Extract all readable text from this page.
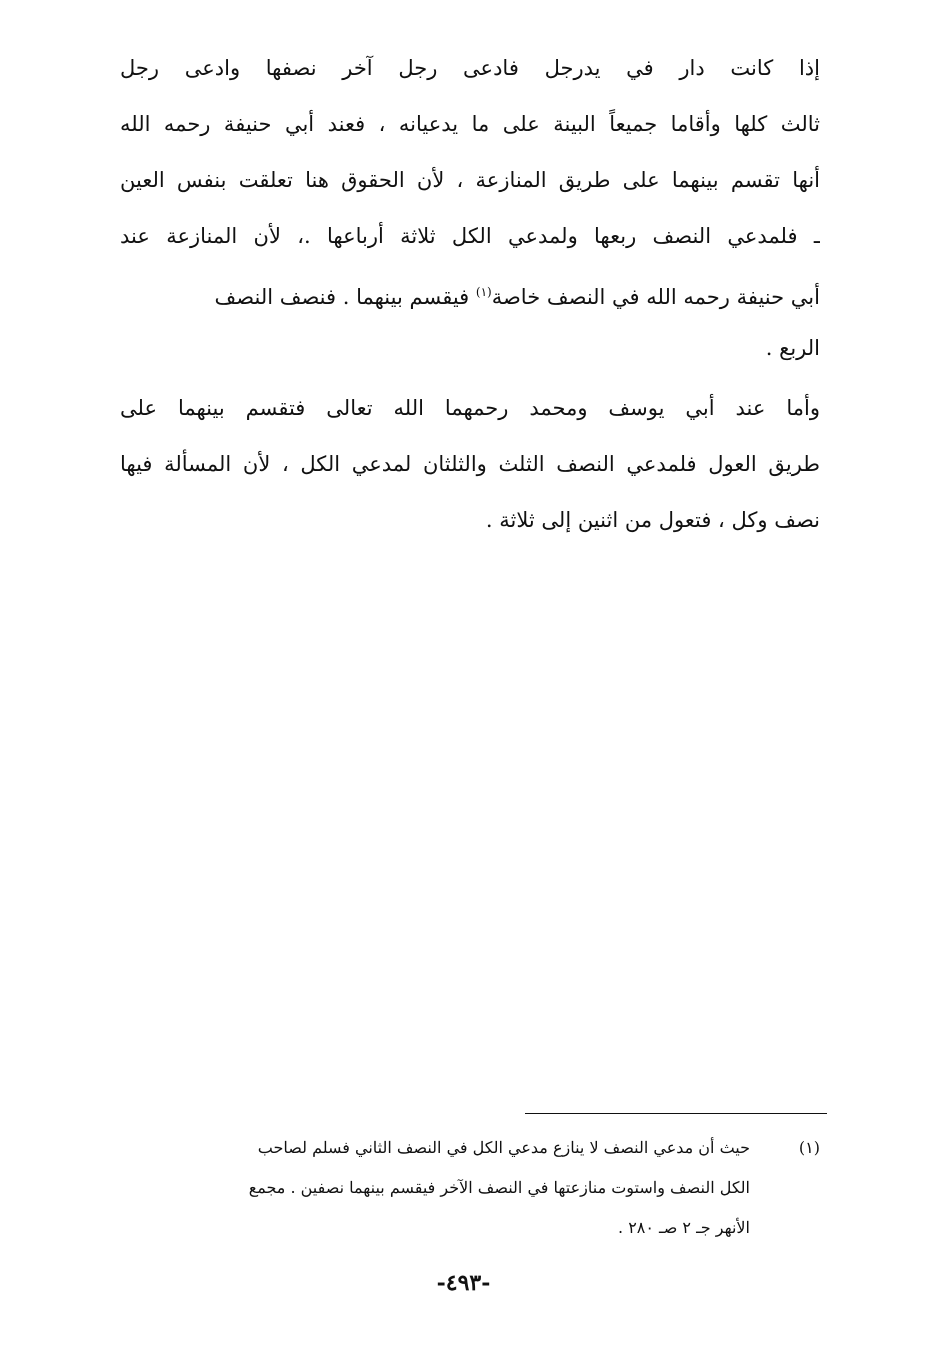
إذا كانت دار في يدرجل فادعى رجل آخر نصفها وادعى رجل
ثالث كلها وأقاما جميعاً البينة على ما يدعيانه ، فعند أبي حنيفة رحمه الله
أنها تقسم بينهما على طريق المنازعة ، لأن الحقوق هنا تعلقت بنفس العين
ـ فلمدعي النصف ربعها ولمدعي الكل ثلاثة أرباعها .، لأن المنازعة عند
أبي حنيفة رحمه الله في النصف خاصة$^{(١)}$ فيقسم بينهما . فنصف النصف
الربع .
وأما عند أبي يوسف ومحمد رحمهما الله تعالى فتقسم بينهما على
طريق العول فلمدعي النصف الثلث والثلثان لمدعي الكل ، لأن المسألة فيها
نصف وكل ، فتعول من اثنين إلى ثلاثة .
(١)حيث أن مدعي النصف لا ينازع مدعي الكل في النصف الثاني فسلم لصاحب
الكل النصف واستوت منازعتها في النصف الآخر فيقسم بينهما نصفين . مجمع
الأنهر جـ ٢ صـ ٢٨٠ .
-٤٩٣-
